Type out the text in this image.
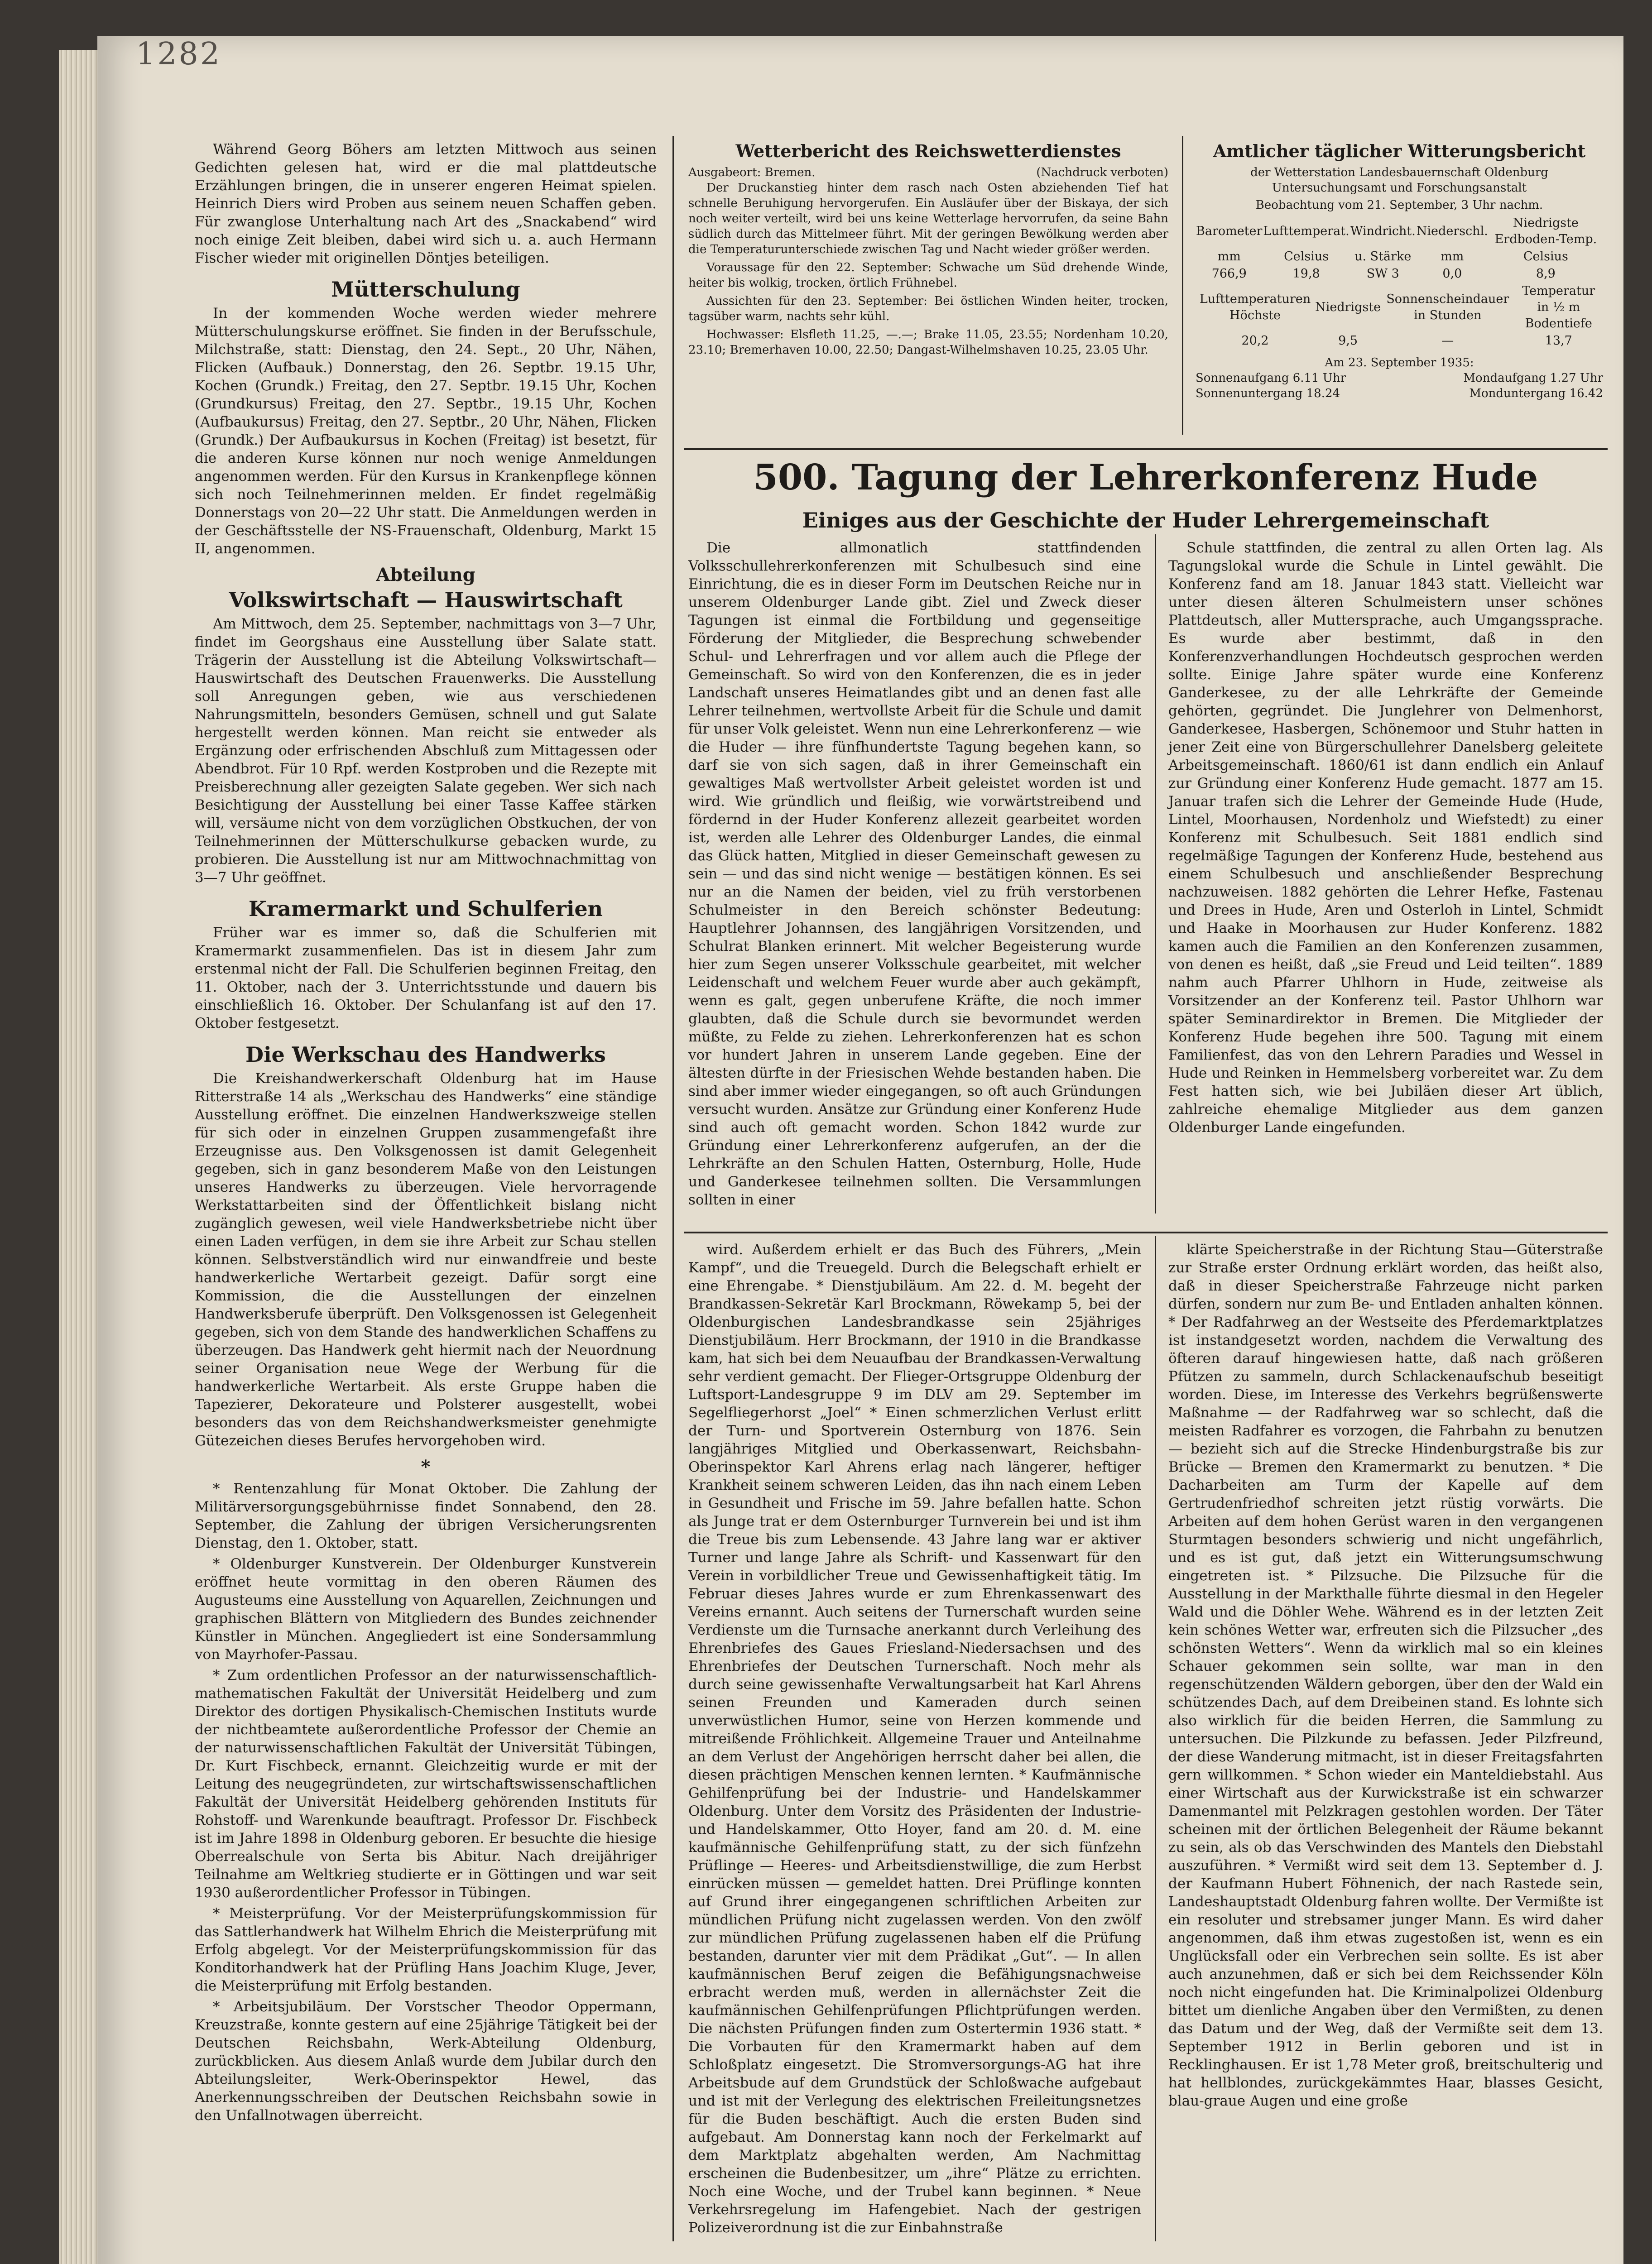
1282

Während Georg Böhers am letzten Mittwoch aus seinen Gedichten gelesen hat, wird er die mal plattdeutsche Erzählungen bringen, die in unserer engeren Heimat spielen. Heinrich Diers wird Proben aus seinem neuen Schaffen geben. Für zwanglose Unterhaltung nach Art des „Snackabend“ wird noch einige Zeit bleiben, dabei wird sich u. a. auch Hermann Fischer wieder mit originellen Döntjes beteiligen.

Mütterschulung

In der kommenden Woche werden wieder mehrere Mütterschulungskurse eröffnet. Sie finden in der Berufsschule, Milchstraße, statt: Dienstag, den 24. Sept., 20 Uhr, Nähen, Flicken (Aufbauk.) Donnerstag, den 26. Septbr. 19.15 Uhr, Kochen (Grundk.) Freitag, den 27. Septbr. 19.15 Uhr, Kochen (Grundkursus) Freitag, den 27. Septbr., 19.15 Uhr, Kochen (Aufbaukursus) Freitag, den 27. Septbr., 20 Uhr, Nähen, Flicken (Grundk.) Der Aufbaukursus in Kochen (Freitag) ist besetzt, für die anderen Kurse können nur noch wenige Anmeldungen angenommen werden. Für den Kursus in Krankenpflege können sich noch Teilnehmerinnen melden. Er findet regelmäßig Donnerstags von 20—22 Uhr statt. Die Anmeldungen werden in der Geschäftsstelle der NS-Frauenschaft, Oldenburg, Markt 15 II, angenommen.

Abteilung
Volkswirtschaft — Hauswirtschaft

Am Mittwoch, dem 25. September, nachmittags von 3—7 Uhr, findet im Georgshaus eine Ausstellung über Salate statt. Trägerin der Ausstellung ist die Abteilung Volkswirtschaft—Hauswirtschaft des Deutschen Frauenwerks. Die Ausstellung soll Anregungen geben, wie aus verschiedenen Nahrungsmitteln, besonders Gemüsen, schnell und gut Salate hergestellt werden können. Man reicht sie entweder als Ergänzung oder erfrischenden Abschluß zum Mittagessen oder Abendbrot. Für 10 Rpf. werden Kostproben und die Rezepte mit Preisberechnung aller gezeigten Salate gegeben. Wer sich nach Besichtigung der Ausstellung bei einer Tasse Kaffee stärken will, versäume nicht von dem vorzüglichen Obstkuchen, der von Teilnehmerinnen der Mütterschulkurse gebacken wurde, zu probieren. Die Ausstellung ist nur am Mittwochnachmittag von 3—7 Uhr geöffnet.

Kramermarkt und Schulferien

Früher war es immer so, daß die Schulferien mit Kramermarkt zusammenfielen. Das ist in diesem Jahr zum erstenmal nicht der Fall. Die Schulferien beginnen Freitag, den 11. Oktober, nach der 3. Unterrichtsstunde und dauern bis einschließlich 16. Oktober. Der Schulanfang ist auf den 17. Oktober festgesetzt.

Die Werkschau des Handwerks

Die Kreishandwerkerschaft Oldenburg hat im Hause Ritterstraße 14 als „Werkschau des Handwerks“ eine ständige Ausstellung eröffnet. Die einzelnen Handwerkszweige stellen für sich oder in einzelnen Gruppen zusammengefaßt ihre Erzeugnisse aus. Den Volksgenossen ist damit Gelegenheit gegeben, sich in ganz besonderem Maße von den Leistungen unseres Handwerks zu überzeugen. Viele hervorragende Werkstattarbeiten sind der Öffentlichkeit bislang nicht zugänglich gewesen, weil viele Handwerksbetriebe nicht über einen Laden verfügen, in dem sie ihre Arbeit zur Schau stellen können. Selbstverständlich wird nur einwandfreie und beste handwerkerliche Wertarbeit gezeigt. Dafür sorgt eine Kommission, die die Ausstellungen der einzelnen Handwerksberufe überprüft. Den Volksgenossen ist Gelegenheit gegeben, sich von dem Stande des handwerklichen Schaffens zu überzeugen. Das Handwerk geht hiermit nach der Neuordnung seiner Organisation neue Wege der Werbung für die handwerkerliche Wertarbeit. Als erste Gruppe haben die Tapezierer, Dekorateure und Polsterer ausgestellt, wobei besonders das von dem Reichshandwerksmeister genehmigte Gütezeichen dieses Berufes hervorgehoben wird.

*

* Rentenzahlung für Monat Oktober. Die Zahlung der Militärversorgungsgebührnisse findet Sonnabend, den 28. September, die Zahlung der übrigen Versicherungsrenten Dienstag, den 1. Oktober, statt.

* Oldenburger Kunstverein. Der Oldenburger Kunstverein eröffnet heute vormittag in den oberen Räumen des Augusteums eine Ausstellung von Aquarellen, Zeichnungen und graphischen Blättern von Mitgliedern des Bundes zeichnender Künstler in München. Angegliedert ist eine Sondersammlung von Mayrhofer-Passau.

* Zum ordentlichen Professor an der naturwissenschaftlich-mathematischen Fakultät der Universität Heidelberg und zum Direktor des dortigen Physikalisch-Chemischen Instituts wurde der nichtbeamtete außerordentliche Professor der Chemie an der naturwissenschaftlichen Fakultät der Universität Tübingen, Dr. Kurt Fischbeck, ernannt. Gleichzeitig wurde er mit der Leitung des neugegründeten, zur wirtschaftswissenschaftlichen Fakultät der Universität Heidelberg gehörenden Instituts für Rohstoff- und Warenkunde beauftragt. Professor Dr. Fischbeck ist im Jahre 1898 in Oldenburg geboren. Er besuchte die hiesige Oberrealschule von Serta bis Abitur. Nach dreijähriger Teilnahme am Weltkrieg studierte er in Göttingen und war seit 1930 außerordentlicher Professor in Tübingen.

* Meisterprüfung. Vor der Meisterprüfungskommission für das Sattlerhandwerk hat Wilhelm Ehrich die Meisterprüfung mit Erfolg abgelegt. Vor der Meisterprüfungskommission für das Konditorhandwerk hat der Prüfling Hans Joachim Kluge, Jever, die Meisterprüfung mit Erfolg bestanden.

* Arbeitsjubiläum. Der Vorstscher Theodor Oppermann, Kreuzstraße, konnte gestern auf eine 25jährige Tätigkeit bei der Deutschen Reichsbahn, Werk-Abteilung Oldenburg, zurückblicken. Aus diesem Anlaß wurde dem Jubilar durch den Abteilungsleiter, Werk-Oberinspektor Hewel, das Anerkennungsschreiben der Deutschen Reichsbahn sowie in den Unfallnotwagen überreicht.

Wetterbericht des Reichswetterdienstes
Ausgabeort: Bremen.	(Nachdruck verboten)

Der Druckanstieg hinter dem rasch nach Osten abziehenden Tief hat schnelle Beruhigung hervorgerufen. Ein Ausläufer über der Biskaya, der sich noch weiter verteilt, wird bei uns keine Wetterlage hervorrufen, da seine Bahn südlich durch das Mittelmeer führt. Mit der geringen Bewölkung werden aber die Temperaturunterschiede zwischen Tag und Nacht wieder größer werden.

Voraussage für den 22. September: Schwache um Süd drehende Winde, heiter bis wolkig, trocken, örtlich Frühnebel.

Aussichten für den 23. September: Bei östlichen Winden heiter, trocken, tagsüber warm, nachts sehr kühl.

Hochwasser: Elsfleth 11.25, —.—; Brake 11.05, 23.55; Nordenham 10.20, 23.10; Bremerhaven 10.00, 22.50; Dangast-Wilhelmshaven 10.25, 23.05 Uhr.

Amtlicher täglicher Witterungsbericht
der Wetterstation Landesbauernschaft Oldenburg
Untersuchungsamt und Forschungsanstalt
Beobachtung vom 21. September, 3 Uhr nachm.
Barometer	Lufttemperat.	Windricht.	Niederschl.	Niedrigste Erdboden-Temp.
mm	Celsius	u. Stärke	mm	Celsius
766,9	19,8	SW 3	0,0	8,9
Lufttemperaturen Höchste	Niedrigste	Sonnenscheindauer in Stunden	Temperatur in ½ m Bodentiefe
20,2	9,5	—	13,7
Am 23. September 1935:
Sonnenaufgang 6.11 Uhr	Mondaufgang 1.27 Uhr
Sonnenuntergang 18.24	Monduntergang 16.42
500. Tagung der Lehrerkonferenz Hude
Einiges aus der Geschichte der Huder Lehrergemeinschaft

Die allmonatlich stattfindenden Volksschullehrerkonferenzen mit Schulbesuch sind eine Einrichtung, die es in dieser Form im Deutschen Reiche nur in unserem Oldenburger Lande gibt. Ziel und Zweck dieser Tagungen ist einmal die Fortbildung und gegenseitige Förderung der Mitglieder, die Besprechung schwebender Schul- und Lehrerfragen und vor allem auch die Pflege der Gemeinschaft. So wird von den Konferenzen, die es in jeder Landschaft unseres Heimatlandes gibt und an denen fast alle Lehrer teilnehmen, wertvollste Arbeit für die Schule und damit für unser Volk geleistet. Wenn nun eine Lehrerkonferenz — wie die Huder — ihre fünfhundertste Tagung begehen kann, so darf sie von sich sagen, daß in ihrer Gemeinschaft ein gewaltiges Maß wertvollster Arbeit geleistet worden ist und wird. Wie gründlich und fleißig, wie vorwärtstreibend und fördernd in der Huder Konferenz allezeit gearbeitet worden ist, werden alle Lehrer des Oldenburger Landes, die einmal das Glück hatten, Mitglied in dieser Gemeinschaft gewesen zu sein — und das sind nicht wenige — bestätigen können. Es sei nur an die Namen der beiden, viel zu früh verstorbenen Schulmeister in den Bereich schönster Bedeutung: Hauptlehrer Johannsen, des langjährigen Vorsitzenden, und Schulrat Blanken erinnert. Mit welcher Begeisterung wurde hier zum Segen unserer Volksschule gearbeitet, mit welcher Leidenschaft und welchem Feuer wurde aber auch gekämpft, wenn es galt, gegen unberufene Kräfte, die noch immer glaubten, daß die Schule durch sie bevormundet werden müßte, zu Felde zu ziehen. Lehrerkonferenzen hat es schon vor hundert Jahren in unserem Lande gegeben. Eine der ältesten dürfte in der Friesischen Wehde bestanden haben. Die sind aber immer wieder eingegangen, so oft auch Gründungen versucht wurden. Ansätze zur Gründung einer Konferenz Hude sind auch oft gemacht worden. Schon 1842 wurde zur Gründung einer Lehrerkonferenz aufgerufen, an der die Lehrkräfte an den Schulen Hatten, Osternburg, Holle, Hude und Ganderkesee teilnehmen sollten. Die Versammlungen sollten in einer

Schule stattfinden, die zentral zu allen Orten lag. Als Tagungslokal wurde die Schule in Lintel gewählt. Die Konferenz fand am 18. Januar 1843 statt. Vielleicht war unter diesen älteren Schulmeistern unser schönes Plattdeutsch, aller Muttersprache, auch Umgangssprache. Es wurde aber bestimmt, daß in den Konferenzverhandlungen Hochdeutsch gesprochen werden sollte. Einige Jahre später wurde eine Konferenz Ganderkesee, zu der alle Lehrkräfte der Gemeinde gehörten, gegründet. Die Junglehrer von Delmenhorst, Ganderkesee, Hasbergen, Schönemoor und Stuhr hatten in jener Zeit eine von Bürgerschullehrer Danelsberg geleitete Arbeitsgemeinschaft. 1860/61 ist dann endlich ein Anlauf zur Gründung einer Konferenz Hude gemacht. 1877 am 15. Januar trafen sich die Lehrer der Gemeinde Hude (Hude, Lintel, Moorhausen, Nordenholz und Wiefstedt) zu einer Konferenz mit Schulbesuch. Seit 1881 endlich sind regelmäßige Tagungen der Konferenz Hude, bestehend aus einem Schulbesuch und anschließender Besprechung nachzuweisen. 1882 gehörten die Lehrer Hefke, Fastenau und Drees in Hude, Aren und Osterloh in Lintel, Schmidt und Haake in Moorhausen zur Huder Konferenz. 1882 kamen auch die Familien an den Konferenzen zusammen, von denen es heißt, daß „sie Freud und Leid teilten“. 1889 nahm auch Pfarrer Uhlhorn in Hude, zeitweise als Vorsitzender an der Konferenz teil. Pastor Uhlhorn war später Seminardirektor in Bremen. Die Mitglieder der Konferenz Hude begehen ihre 500. Tagung mit einem Familienfest, das von den Lehrern Paradies und Wessel in Hude und Reinken in Hemmelsberg vorbereitet war. Zu dem Fest hatten sich, wie bei Jubiläen dieser Art üblich, zahlreiche ehemalige Mitglieder aus dem ganzen Oldenburger Lande eingefunden.

wird. Außerdem erhielt er das Buch des Führers, „Mein Kampf“, und die Treuegeld. Durch die Belegschaft erhielt er eine Ehrengabe. * Dienstjubiläum. Am 22. d. M. begeht der Brandkassen-Sekretär Karl Brockmann, Röwekamp 5, bei der Oldenburgischen Landesbrandkasse sein 25jähriges Dienstjubiläum. Herr Brockmann, der 1910 in die Brandkasse kam, hat sich bei dem Neuaufbau der Brandkassen-Verwaltung sehr verdient gemacht. Der Flieger-Ortsgruppe Oldenburg der Luftsport-Landesgruppe 9 im DLV am 29. September im Segelfliegerhorst „Joel“ * Einen schmerzlichen Verlust erlitt der Turn- und Sportverein Osternburg von 1876. Sein langjähriges Mitglied und Oberkassenwart, Reichsbahn-Oberinspektor Karl Ahrens erlag nach längerer, heftiger Krankheit seinem schweren Leiden, das ihn nach einem Leben in Gesundheit und Frische im 59. Jahre befallen hatte. Schon als Junge trat er dem Osternburger Turnverein bei und ist ihm die Treue bis zum Lebensende. 43 Jahre lang war er aktiver Turner und lange Jahre als Schrift- und Kassenwart für den Verein in vorbildlicher Treue und Gewissenhaftigkeit tätig. Im Februar dieses Jahres wurde er zum Ehrenkassenwart des Vereins ernannt. Auch seitens der Turnerschaft wurden seine Verdienste um die Turnsache anerkannt durch Verleihung des Ehrenbriefes des Gaues Friesland-Niedersachsen und des Ehrenbriefes der Deutschen Turnerschaft. Noch mehr als durch seine gewissenhafte Verwaltungsarbeit hat Karl Ahrens seinen Freunden und Kameraden durch seinen unverwüstlichen Humor, seine von Herzen kommende und mitreißende Fröhlichkeit. Allgemeine Trauer und Anteilnahme an dem Verlust der Angehörigen herrscht daher bei allen, die diesen prächtigen Menschen kennen lernten. * Kaufmännische Gehilfenprüfung bei der Industrie- und Handelskammer Oldenburg. Unter dem Vorsitz des Präsidenten der Industrie- und Handelskammer, Otto Hoyer, fand am 20. d. M. eine kaufmännische Gehilfenprüfung statt, zu der sich fünfzehn Prüflinge — Heeres- und Arbeitsdienstwillige, die zum Herbst einrücken müssen — gemeldet hatten. Drei Prüflinge konnten auf Grund ihrer eingegangenen schriftlichen Arbeiten zur mündlichen Prüfung nicht zugelassen werden. Von den zwölf zur mündlichen Prüfung zugelassenen haben elf die Prüfung bestanden, darunter vier mit dem Prädikat „Gut“. — In allen kaufmännischen Beruf zeigen die Befähigungsnachweise erbracht werden muß, werden in allernächster Zeit die kaufmännischen Gehilfenprüfungen Pflichtprüfungen werden. Die nächsten Prüfungen finden zum Ostertermin 1936 statt. * Die Vorbauten für den Kramermarkt haben auf dem Schloßplatz eingesetzt. Die Stromversorgungs-AG hat ihre Arbeitsbude auf dem Grundstück der Schloßwache aufgebaut und ist mit der Verlegung des elektrischen Freileitungsnetzes für die Buden beschäftigt. Auch die ersten Buden sind aufgebaut. Am Donnerstag kann noch der Ferkelmarkt auf dem Marktplatz abgehalten werden, Am Nachmittag erscheinen die Budenbesitzer, um „ihre“ Plätze zu errichten. Noch eine Woche, und der Trubel kann beginnen. * Neue Verkehrsregelung im Hafengebiet. Nach der gestrigen Polizeiverordnung ist die zur Einbahnstraße

klärte Speicherstraße in der Richtung Stau—Güterstraße zur Straße erster Ordnung erklärt worden, das heißt also, daß in dieser Speicherstraße Fahrzeuge nicht parken dürfen, sondern nur zum Be- und Entladen anhalten können. * Der Radfahrweg an der Westseite des Pferdemarktplatzes ist instandgesetzt worden, nachdem die Verwaltung des öfteren darauf hingewiesen hatte, daß nach größeren Pfützen zu sammeln, durch Schlackenaufschub beseitigt worden. Diese, im Interesse des Verkehrs begrüßenswerte Maßnahme — der Radfahrweg war so schlecht, daß die meisten Radfahrer es vorzogen, die Fahrbahn zu benutzen — bezieht sich auf die Strecke Hindenburgstraße bis zur Brücke — Bremen den Kramermarkt zu benutzen. * Die Dacharbeiten am Turm der Kapelle auf dem Gertrudenfriedhof schreiten jetzt rüstig vorwärts. Die Arbeiten auf dem hohen Gerüst waren in den vergangenen Sturmtagen besonders schwierig und nicht ungefährlich, und es ist gut, daß jetzt ein Witterungsumschwung eingetreten ist. * Pilzsuche. Die Pilzsuche für die Ausstellung in der Markthalle führte diesmal in den Hegeler Wald und die Döhler Wehe. Während es in der letzten Zeit kein schönes Wetter war, erfreuten sich die Pilzsucher „des schönsten Wetters“. Wenn da wirklich mal so ein kleines Schauer gekommen sein sollte, war man in den regenschützenden Wäldern geborgen, über den der Wald ein schützendes Dach, auf dem Dreibeinen stand. Es lohnte sich also wirklich für die beiden Herren, die Sammlung zu untersuchen. Die Pilzkunde zu befassen. Jeder Pilzfreund, der diese Wanderung mitmacht, ist in dieser Freitagsfahrten gern willkommen. * Schon wieder ein Manteldiebstahl. Aus einer Wirtschaft aus der Kurwickstraße ist ein schwarzer Damenmantel mit Pelzkragen gestohlen worden. Der Täter scheinen mit der örtlichen Belegenheit der Räume bekannt zu sein, als ob das Verschwinden des Mantels den Diebstahl auszuführen. * Vermißt wird seit dem 13. September d. J. der Kaufmann Hubert Föhnenich, der nach Rastede sein, Landeshauptstadt Oldenburg fahren wollte. Der Vermißte ist ein resoluter und strebsamer junger Mann. Es wird daher angenommen, daß ihm etwas zugestoßen ist, wenn es ein Unglücksfall oder ein Verbrechen sein sollte. Es ist aber auch anzunehmen, daß er sich bei dem Reichssender Köln noch nicht eingefunden hat. Die Kriminalpolizei Oldenburg bittet um dienliche Angaben über den Vermißten, zu denen das Datum und der Weg, daß der Vermißte seit dem 13. September 1912 in Berlin geboren und ist in Recklinghausen. Er ist 1,78 Meter groß, breitschulterig und hat hellblondes, zurückgekämmtes Haar, blasses Gesicht, blau-graue Augen und eine große
